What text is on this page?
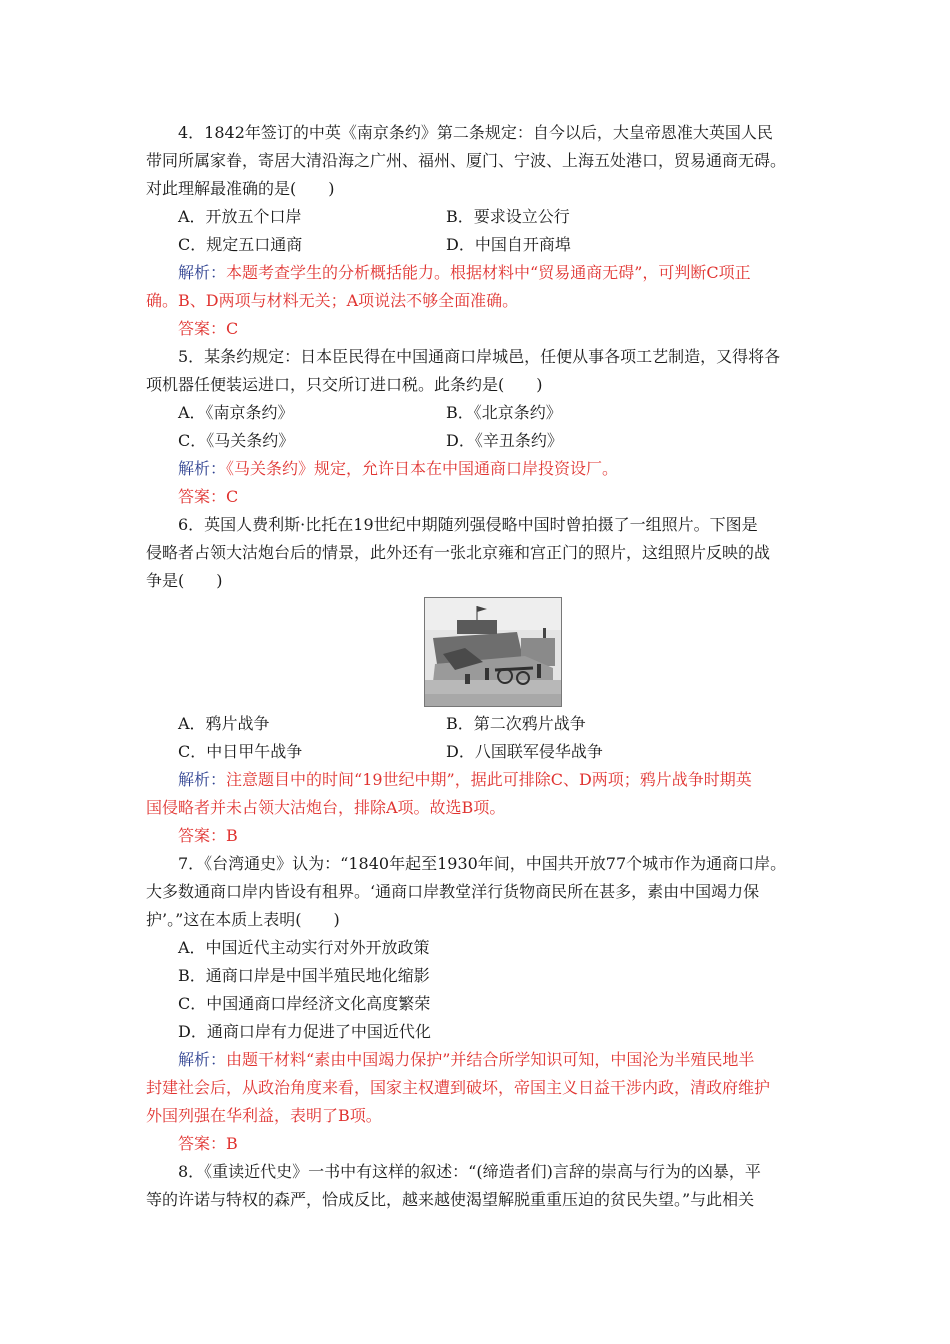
4．1842年签订的中英《南京条约》第二条规定：自今以后，大皇帝恩准大英国人民
带同所属家眷，寄居大清沿海之广州、福州、厦门、宁波、上海五处港口，贸易通商无碍。
对此理解最准确的是(　　)
A．开放五个口岸	B．要求设立公行
C．规定五口通商	D．中国自开商埠
解析：本题考查学生的分析概括能力。根据材料中“贸易通商无碍”，可判断C项正
确。B、D两项与材料无关；A项说法不够全面准确。
答案：C
5．某条约规定：日本臣民得在中国通商口岸城邑，任便从事各项工艺制造，又得将各
项机器任便装运进口，只交所订进口税。此条约是(　　)
A．《南京条约》	B．《北京条约》
C．《马关条约》	D．《辛丑条约》
解析：《马关条约》规定，允许日本在中国通商口岸投资设厂。
答案：C
6．英国人费利斯·比托在19世纪中期随列强侵略中国时曾拍摄了一组照片。下图是
侵略者占领大沽炮台后的情景，此外还有一张北京雍和宫正门的照片，这组照片反映的战
争是(　　)
A．鸦片战争	B．第二次鸦片战争
C．中日甲午战争	D．八国联军侵华战争
解析：注意题目中的时间“19世纪中期”，据此可排除C、D两项；鸦片战争时期英
国侵略者并未占领大沽炮台，排除A项。故选B项。
答案：B
7．《台湾通史》认为：“1840年起至1930年间，中国共开放77个城市作为通商口岸。
大多数通商口岸内皆设有租界。‘通商口岸教堂洋行货物商民所在甚多，素由中国竭力保
护’。”这在本质上表明(　　)
A．中国近代主动实行对外开放政策
B．通商口岸是中国半殖民地化缩影
C．中国通商口岸经济文化高度繁荣
D．通商口岸有力促进了中国近代化
解析：由题干材料“素由中国竭力保护”并结合所学知识可知，中国沦为半殖民地半
封建社会后，从政治角度来看，国家主权遭到破坏，帝国主义日益干涉内政，清政府维护
外国列强在华利益，表明了B项。
答案：B
8．《重读近代史》一书中有这样的叙述：“(缔造者们)言辞的崇高与行为的凶暴，平
等的许诺与特权的森严，恰成反比，越来越使渴望解脱重重压迫的贫民失望。”与此相关
